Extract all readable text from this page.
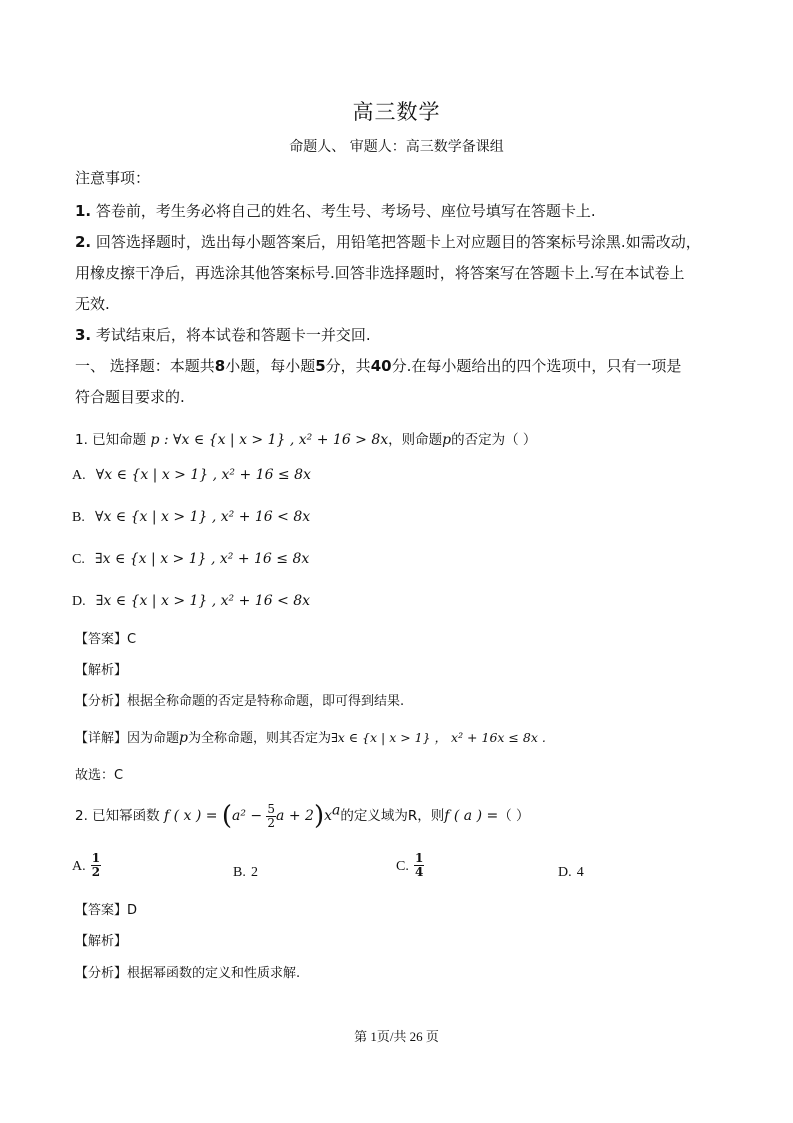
高三数学
命题人、 审题人：高三数学备课组
注意事项：
1. 答卷前，考生务必将自己的姓名、考生号、考场号、座位号填写在答题卡上.
2. 回答选择题时，选出每小题答案后，用铅笔把答题卡上对应题目的答案标号涂黑.如需改动，
用橡皮擦干净后，再选涂其他答案标号.回答非选择题时，将答案写在答题卡上.写在本试卷上
无效.
3. 考试结束后，将本试卷和答题卡一并交回.
一、 选择题：本题共8小题，每小题5分，共40分.在每小题给出的四个选项中，只有一项是
符合题目要求的.
1. 已知命题 p : ∀x ∈ {x | x > 1} , x² + 16 > 8x，则命题p的否定为（ ）
A. ∀x ∈ {x | x > 1} , x² + 16 ≤ 8x
B. ∀x ∈ {x | x > 1} , x² + 16 < 8x
C. ∃x ∈ {x | x > 1} , x² + 16 ≤ 8x
D. ∃x ∈ {x | x > 1} , x² + 16 < 8x
【答案】C
【解析】
【分析】根据全称命题的否定是特称命题，即可得到结果.
【详解】因为命题p为全称命题，则其否定为∃x ∈ {x | x > 1} ， x² + 16x ≤ 8x .
故选：C
2. 已知幂函数 f ( x ) = ($a^2 - \frac{5}{2}$ $a + 2)x^a$的定义域为R，则f ( a ) =（ ）
A. $\frac{1}{2}$	B. 2	C. $\frac{1}{4}$	D. 4
【答案】D
【解析】
【分析】根据幂函数的定义和性质求解.
第 1页/共 26 页
